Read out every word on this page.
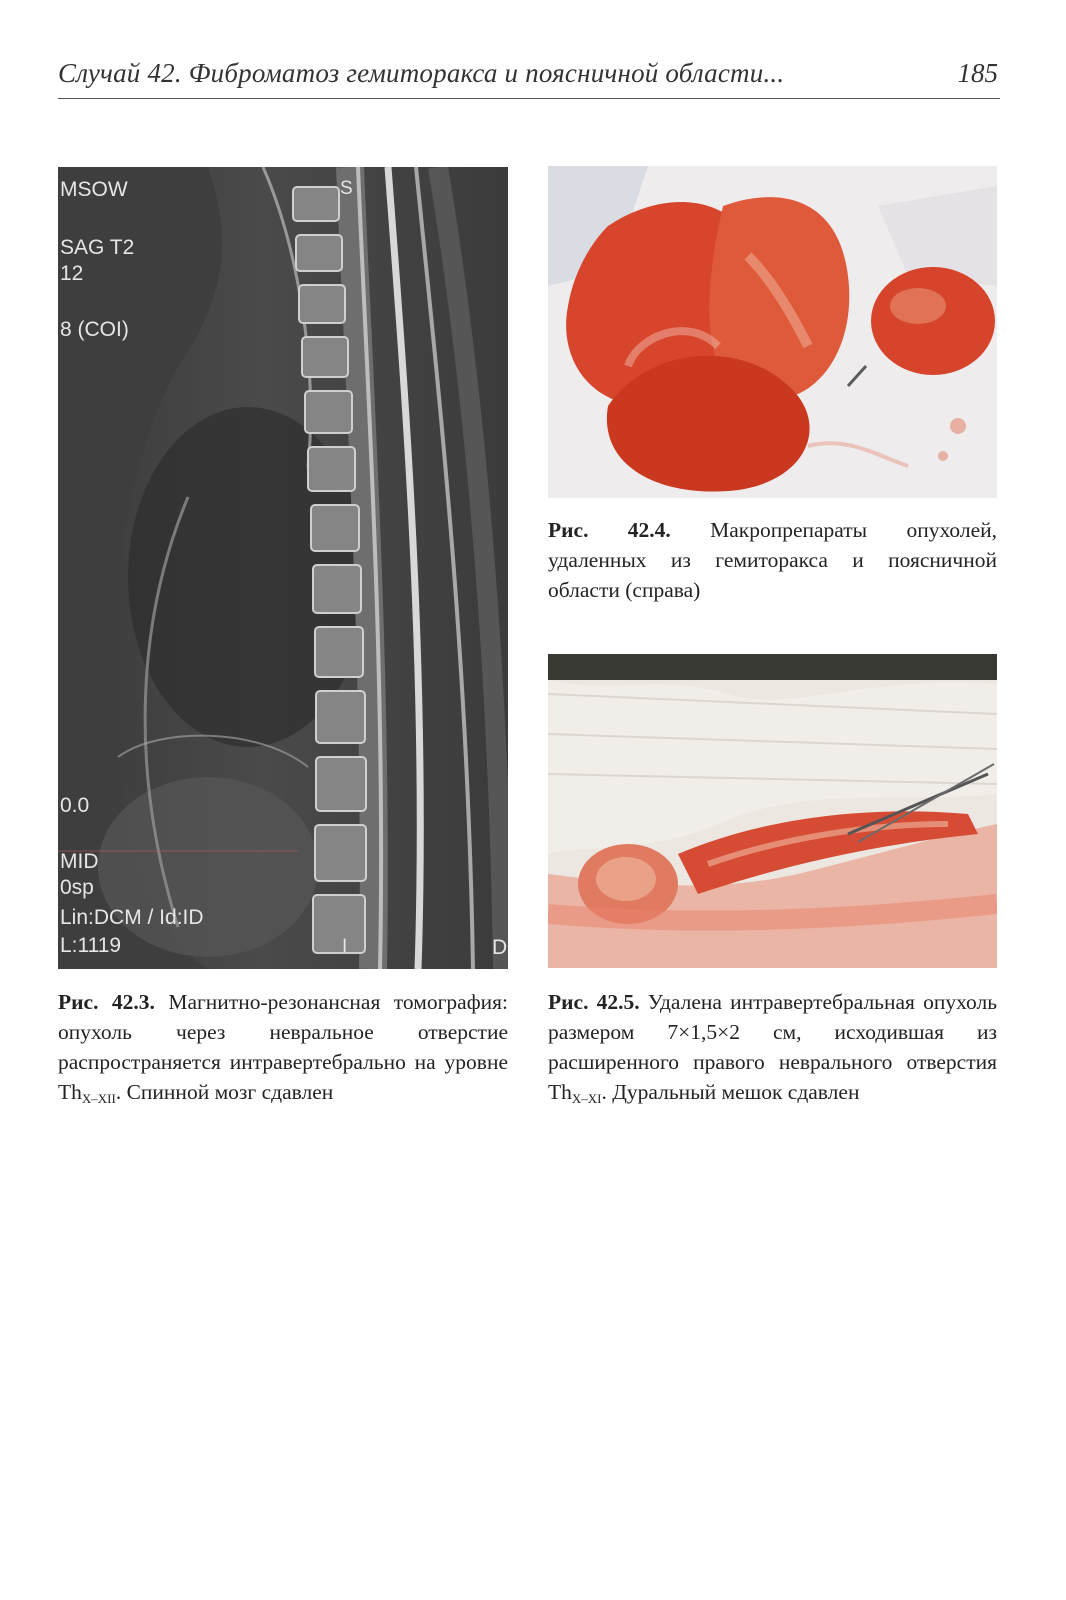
Случай 42. Фиброматоз гемиторакса и поясничной области...	185
MSOW
SAG T2
12
8 (COI)
0.0
MID
0sp
Lin:DCM / Id:ID
L:1119
S
I	D
Рис. 42.3. Магнитно-резонансная томография: опухоль через невральное отверстие распространяется интравертебрально на уровне $Th_{X-XII}$. Спинной мозг сдавлен
Рис. 42.4. Макропрепараты опухолей, удаленных из гемиторакса и поясничной области (справа)
Рис. 42.5. Удалена интравертебральная опухоль размером 7×1,5×2 см, исходившая из расширенного правого неврального отверстия $Th_{X-XI}$. Дуральный мешок сдавлен
